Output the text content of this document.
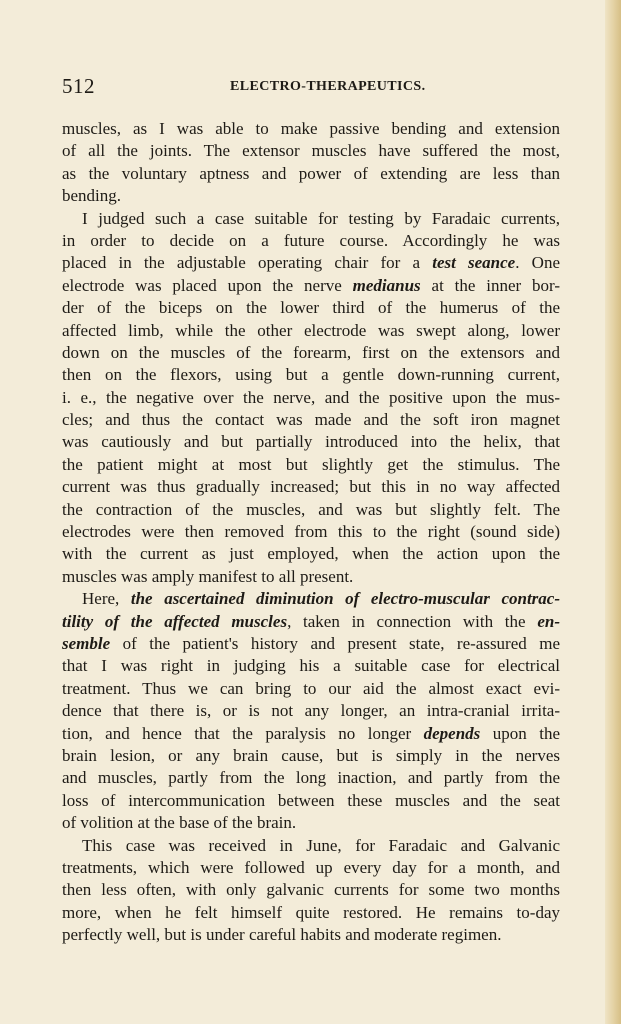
512	ELECTRO-THERAPEUTICS.
muscles, as I was able to make passive bending and extension
of all the joints. The extensor muscles have suffered the most,
as the voluntary aptness and power of extending are less than
bending.
I judged such a case suitable for testing by Faradaic currents,
in order to decide on a future course. Accordingly he was
placed in the adjustable operating chair for a test seance. One
electrode was placed upon the nerve medianus at the inner bor-
der of the biceps on the lower third of the humerus of the
affected limb, while the other electrode was swept along, lower
down on the muscles of the forearm, first on the extensors and
then on the flexors, using but a gentle down-running current,
i. e., the negative over the nerve, and the positive upon the mus-
cles; and thus the contact was made and the soft iron magnet
was cautiously and but partially introduced into the helix, that
the patient might at most but slightly get the stimulus. The
current was thus gradually increased; but this in no way affected
the contraction of the muscles, and was but slightly felt. The
electrodes were then removed from this to the right (sound side)
with the current as just employed, when the action upon the
muscles was amply manifest to all present.
Here, the ascertained diminution of electro-muscular contrac-
tility of the affected muscles, taken in connection with the en-
semble of the patient's history and present state, re-assured me
that I was right in judging his a suitable case for electrical
treatment. Thus we can bring to our aid the almost exact evi-
dence that there is, or is not any longer, an intra-cranial irrita-
tion, and hence that the paralysis no longer depends upon the
brain lesion, or any brain cause, but is simply in the nerves
and muscles, partly from the long inaction, and partly from the
loss of intercommunication between these muscles and the seat
of volition at the base of the brain.
This case was received in June, for Faradaic and Galvanic
treatments, which were followed up every day for a month, and
then less often, with only galvanic currents for some two months
more, when he felt himself quite restored. He remains to-day
perfectly well, but is under careful habits and moderate regimen.
